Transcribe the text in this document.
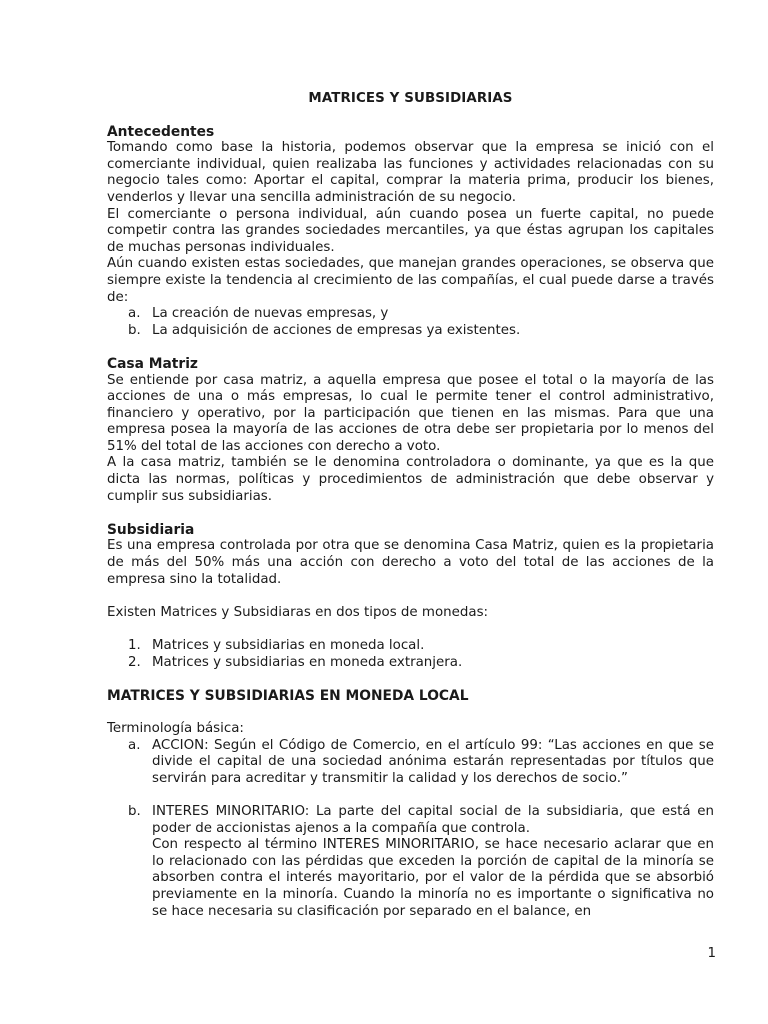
MATRICES Y SUBSIDIARIAS
Antecedentes

Tomando como base la historia, podemos observar que la empresa se inició con el comerciante individual, quien realizaba las funciones y actividades relacionadas con su negocio tales como: Aportar el capital, comprar la materia prima, producir los bienes, venderlos y llevar una sencilla administración de su negocio.

El comerciante o persona individual, aún cuando posea un fuerte capital, no puede competir contra las grandes sociedades mercantiles, ya que éstas agrupan los capitales de muchas personas individuales.

Aún cuando existen estas sociedades, que manejan grandes operaciones, se observa que siempre existe la tendencia al crecimiento de las compañías, el cual puede darse a través de:

a. La creación de nuevas empresas, y
b. La adquisición de acciones de empresas ya existentes.
Casa Matriz

Se entiende por casa matriz, a aquella empresa que posee el total o la mayoría de las acciones de una o más empresas, lo cual le permite tener el control administrativo, financiero y operativo, por la participación que tienen en las mismas. Para que una empresa posea la mayoría de las acciones de otra debe ser propietaria por lo menos del 51% del total de las acciones con derecho a voto.

A la casa matriz, también se le denomina controladora o dominante, ya que es la que dicta las normas, políticas y procedimientos de administración que debe observar y cumplir sus subsidiarias.

Subsidiaria

Es una empresa controlada por otra que se denomina Casa Matriz, quien es la propietaria de más del 50% más una acción con derecho a voto del total de las acciones de la empresa sino la totalidad.

Existen Matrices y Subsidiaras en dos tipos de monedas:

1. Matrices y subsidiarias en moneda local.
2. Matrices y subsidiarias en moneda extranjera.
MATRICES Y SUBSIDIARIAS EN MONEDA LOCAL

Terminología básica:

a. ACCION: Según el Código de Comercio, en el artículo 99: “Las acciones en que se divide el capital de una sociedad anónima estarán representadas por títulos que servirán para acreditar y transmitir la calidad y los derechos de socio.”
b. INTERES MINORITARIO: La parte del capital social de la subsidiaria, que está en poder de accionistas ajenos a la compañía que controla.
Con respecto al término INTERES MINORITARIO, se hace necesario aclarar que en lo relacionado con las pérdidas que exceden la porción de capital de la minoría se absorben contra el interés mayoritario, por el valor de la pérdida que se absorbió previamente en la minoría. Cuando la minoría no es importante o significativa no se hace necesaria su clasificación por separado en el balance, en
1
